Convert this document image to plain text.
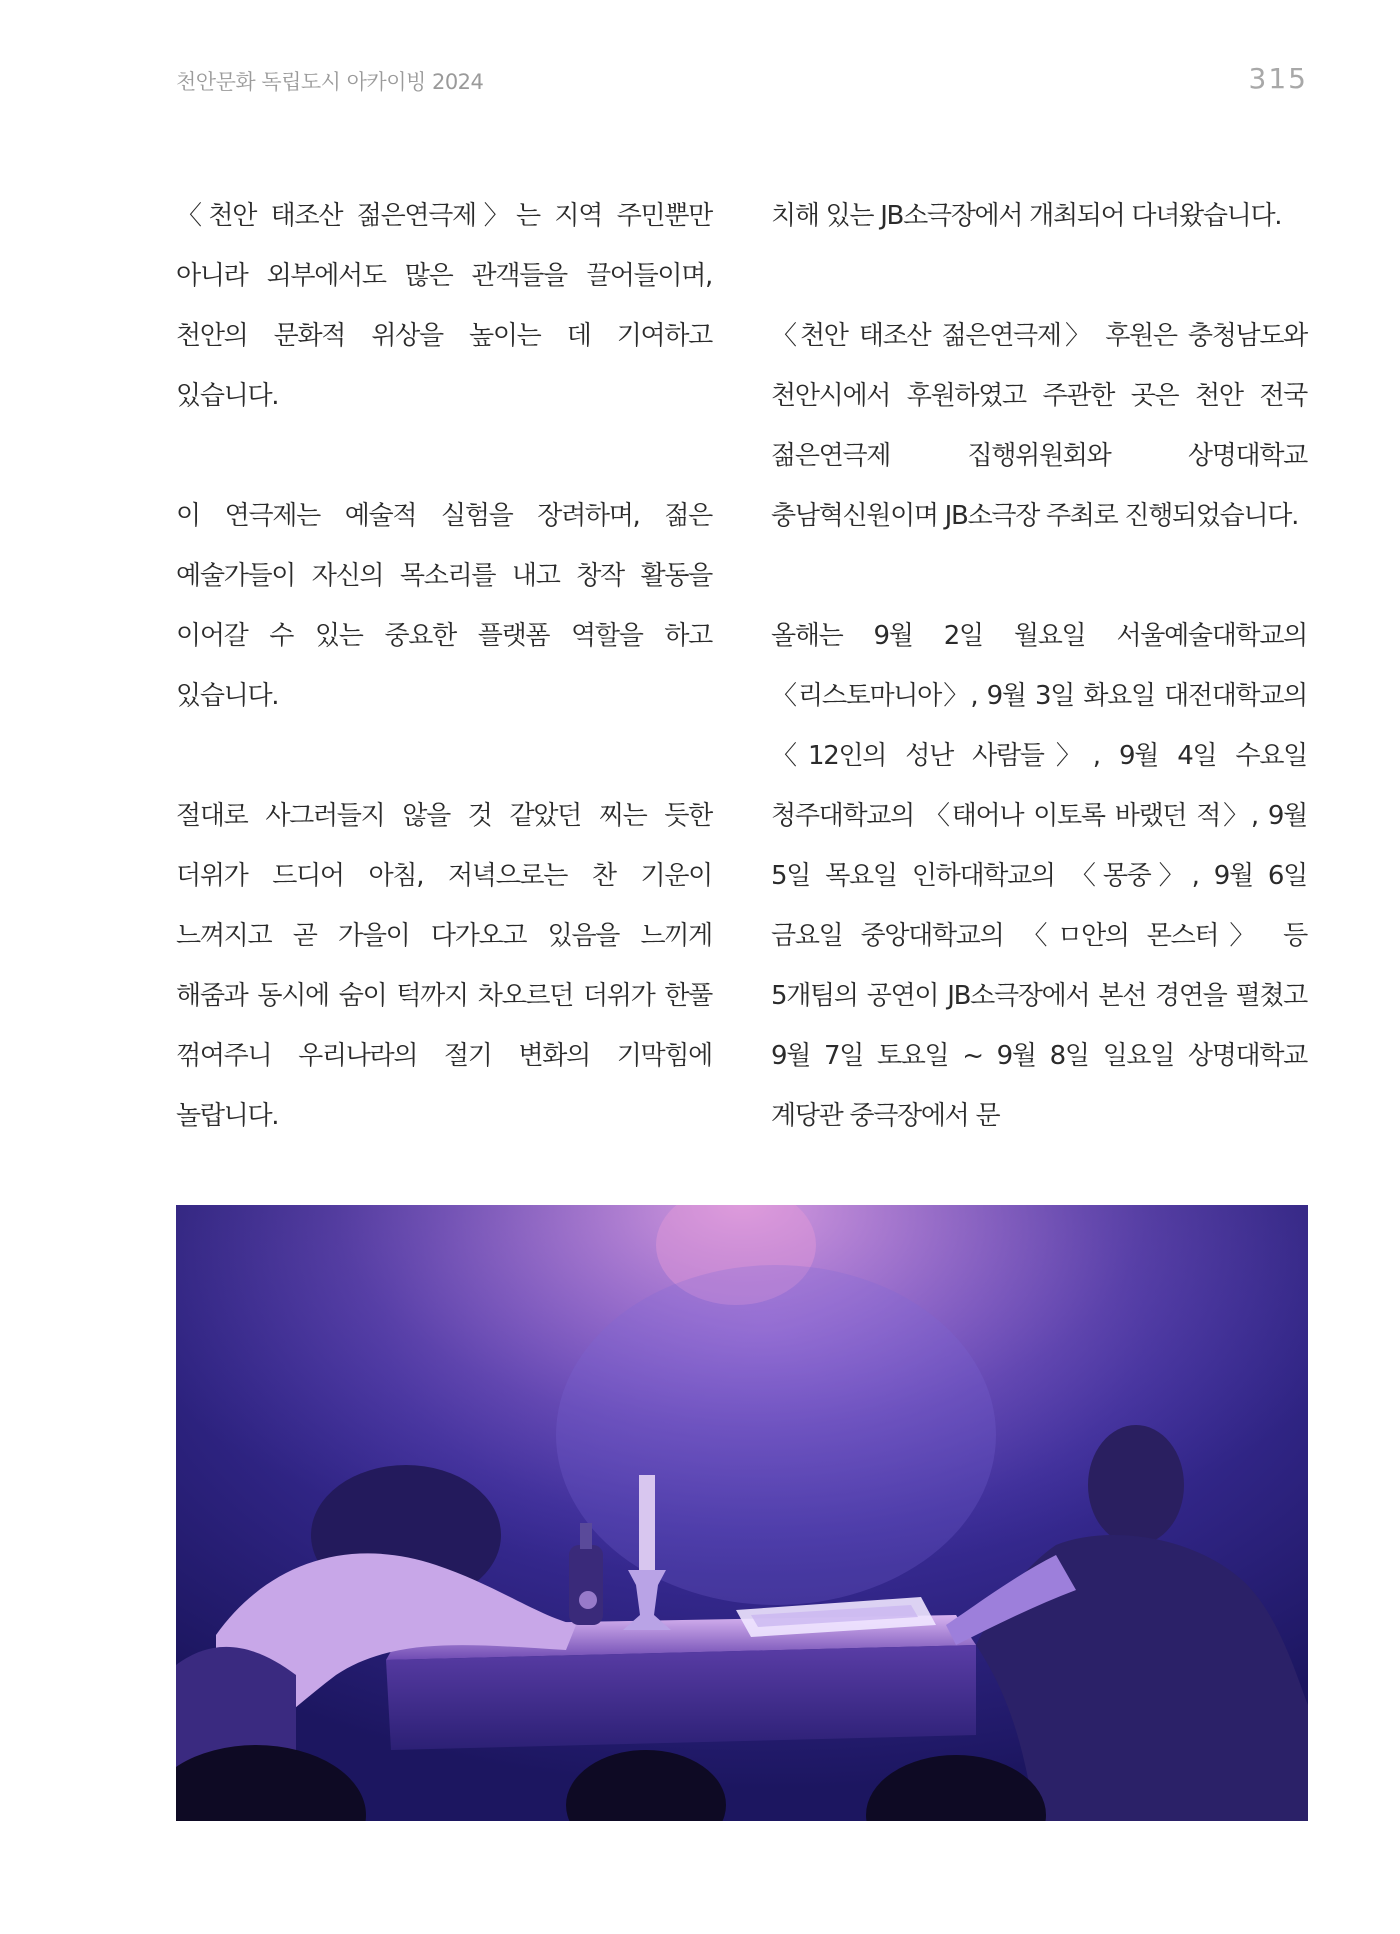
천안문화 독립도시 아카이빙 2024	315

〈천안 태조산 젊은연극제〉는 지역 주민뿐만 아니라 외부에서도 많은 관객들을 끌어들이며, 천안의 문화적 위상을 높이는 데 기여하고 있습니다.

이 연극제는 예술적 실험을 장려하며, 젊은 예술가들이 자신의 목소리를 내고 창작 활동을 이어갈 수 있는 중요한 플랫폼 역할을 하고 있습니다.

절대로 사그러들지 않을 것 같았던 찌는 듯한 더위가 드디어 아침, 저녁으로는 찬 기운이 느껴지고 곧 가을이 다가오고 있음을 느끼게 해줌과 동시에 숨이 턱까지 차오르던 더위가 한풀 꺾여주니 우리나라의 절기 변화의 기막힘에 놀랍니다.

치해 있는 JB소극장에서 개최되어 다녀왔습니다.

〈천안 태조산 젊은연극제〉 후원은 충청남도와 천안시에서 후원하였고 주관한 곳은 천안 전국 젊은연극제 집행위원회와 상명대학교 충남혁신원이며 JB소극장 주최로 진행되었습니다.

올해는 9월 2일 월요일 서울예술대학교의 〈리스토마니아〉, 9월 3일 화요일 대전대학교의 〈12인의 성난 사람들〉, 9월 4일 수요일 청주대학교의 〈태어나 이토록 바랬던 적〉, 9월 5일 목요일 인하대학교의 〈몽중〉, 9월 6일 금요일 중앙대학교의 〈ㅁ안의 몬스터〉 등 5개팀의 공연이 JB소극장에서 본선 경연을 펼쳤고 9월 7일 토요일 ~ 9월 8일 일요일 상명대학교 계당관 중극장에서 문
